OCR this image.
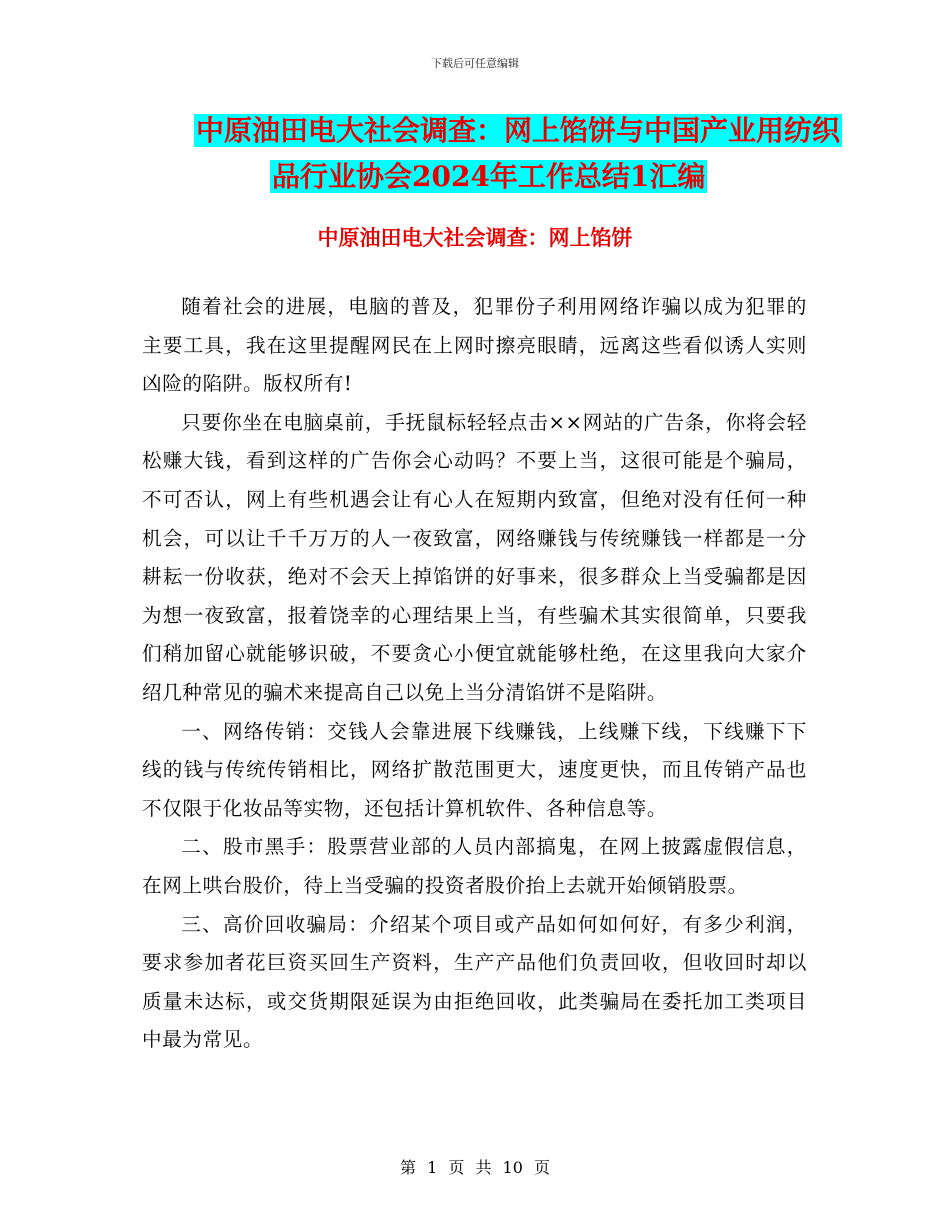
下载后可任意编辑
中原油田电大社会调查：网上馅饼与中国产业用纺织
品行业协会2024年工作总结1汇编
中原油田电大社会调查：网上馅饼

随着社会的进展，电脑的普及，犯罪份子利用网络诈骗以成为犯罪的主要工具，我在这里提醒网民在上网时擦亮眼睛，远离这些看似诱人实则凶险的陷阱。版权所有!

只要你坐在电脑桌前，手抚鼠标轻轻点击××网站的广告条，你将会轻松赚大钱，看到这样的广告你会心动吗？不要上当，这很可能是个骗局，不可否认，网上有些机遇会让有心人在短期内致富，但绝对没有任何一种机会，可以让千千万万的人一夜致富，网络赚钱与传统赚钱一样都是一分耕耘一份收获，绝对不会天上掉馅饼的好事来，很多群众上当受骗都是因为想一夜致富，报着饶幸的心理结果上当，有些骗术其实很简单，只要我们稍加留心就能够识破，不要贪心小便宜就能够杜绝，在这里我向大家介绍几种常见的骗术来提高自己以免上当分清馅饼不是陷阱。

一、网络传销：交钱人会靠进展下线赚钱，上线赚下线，下线赚下下线的钱与传统传销相比，网络扩散范围更大，速度更快，而且传销产品也不仅限于化妆品等实物，还包括计算机软件、各种信息等。

二、股市黑手：股票营业部的人员内部搞鬼，在网上披露虚假信息，在网上哄台股价，待上当受骗的投资者股价抬上去就开始倾销股票。

三、高价回收骗局：介绍某个项目或产品如何如何好，有多少利润，要求参加者花巨资买回生产资料，生产产品他们负责回收，但收回时却以质量未达标，或交货期限延误为由拒绝回收，此类骗局在委托加工类项目中最为常见。

第 1 页 共 10 页
